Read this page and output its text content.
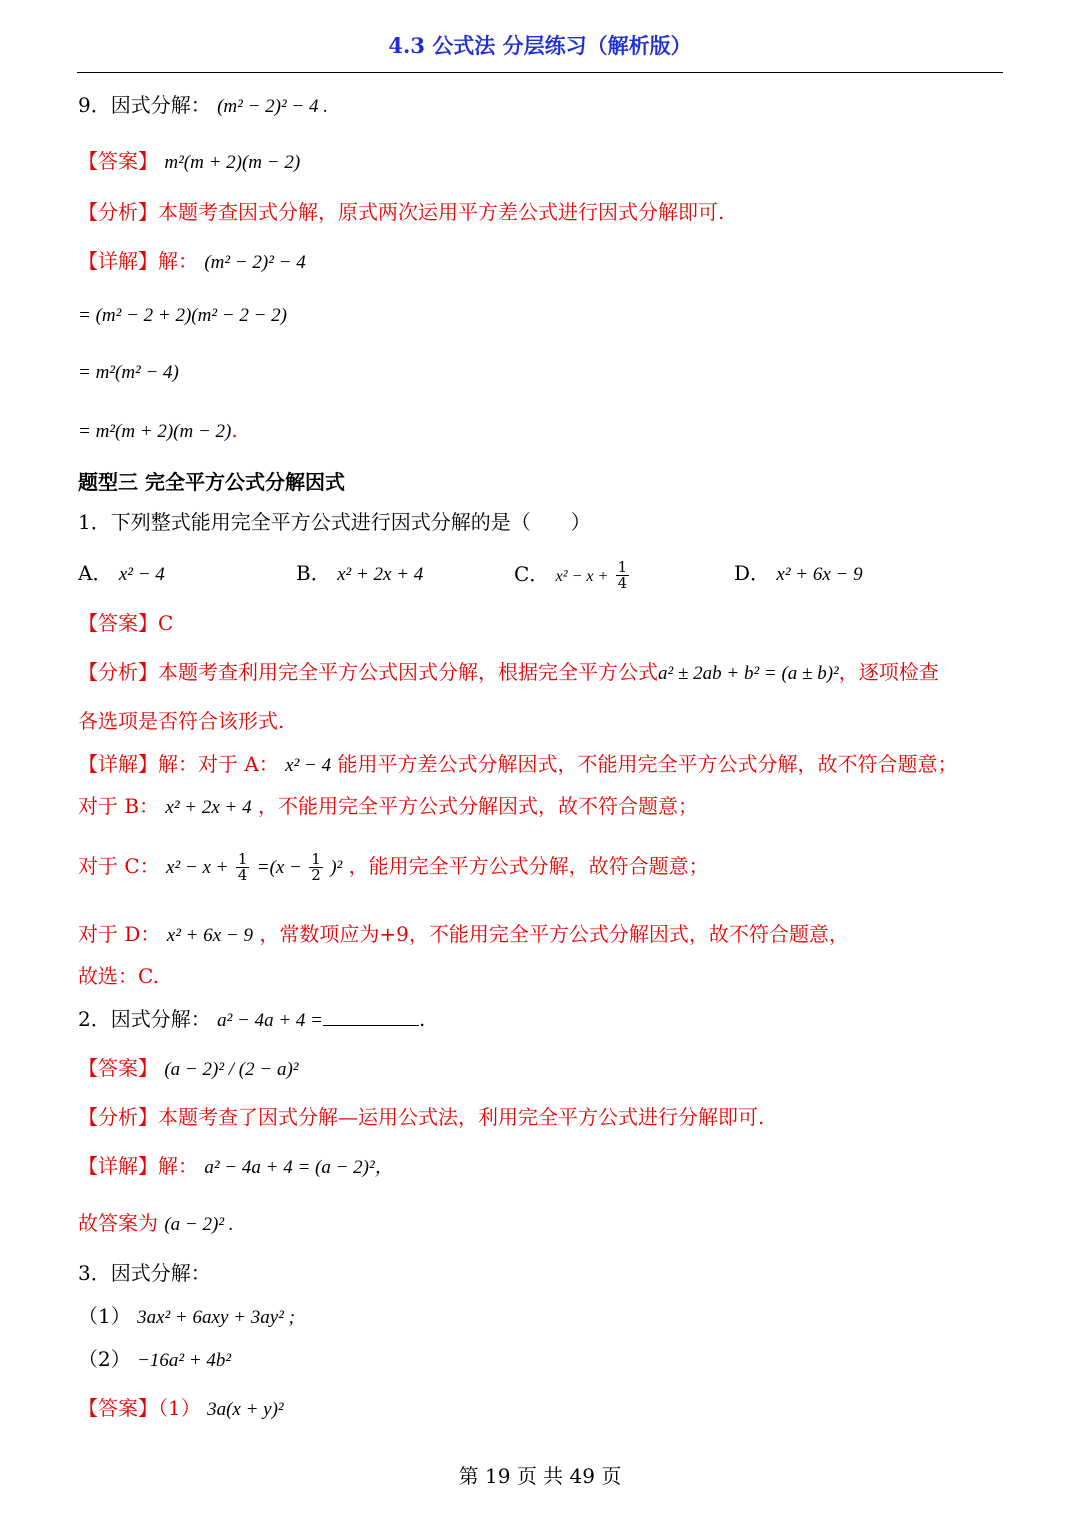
4.3 公式法 分层练习（解析版）
9．因式分解： (m² − 2)² − 4 .
【答案】 m²(m + 2)(m − 2)
【分析】本题考查因式分解，原式两次运用平方差公式进行因式分解即可.
【详解】解： (m² − 2)² − 4
= (m² − 2 + 2)(m² − 2 − 2)
= m²(m² − 4)
= m²(m + 2)(m − 2).
题型三 完全平方公式分解因式
1．下列整式能用完全平方公式进行因式分解的是（　　）
A． x² − 4	B． x² + 2x + 4	C． $x^2 - x + \frac{1}{4}$	D． x² + 6x − 9
【答案】C
【分析】本题考查利用完全平方公式因式分解，根据完全平方公式a² ± 2ab + b² = (a ± b)²，逐项检查
各选项是否符合该形式.
【详解】解：对于 A： x² − 4 能用平方差公式分解因式，不能用完全平方公式分解，故不符合题意；
对于 B： x² + 2x + 4 ，不能用完全平方公式分解因式，故不符合题意；
对于 C： $x^2 - x + \frac{1}{4} =(x - \frac{1}{2} )^2$ ，能用完全平方公式分解，故符合题意；
对于 D： x² + 6x − 9 ，常数项应为+9，不能用完全平方公式分解因式，故不符合题意，
故选：C.
2．因式分解： a² − 4a + 4 =	.
【答案】 (a − 2)² / (2 − a)²
【分析】本题考查了因式分解—运用公式法，利用完全平方公式进行分解即可.
【详解】解： a² − 4a + 4 = (a − 2)²，
故答案为 (a − 2)² .
3．因式分解：
（1） 3ax² + 6axy + 3ay² ;
（2） −16a² + 4b²
【答案】（1） 3a(x + y)²
第 19 页 共 49 页
